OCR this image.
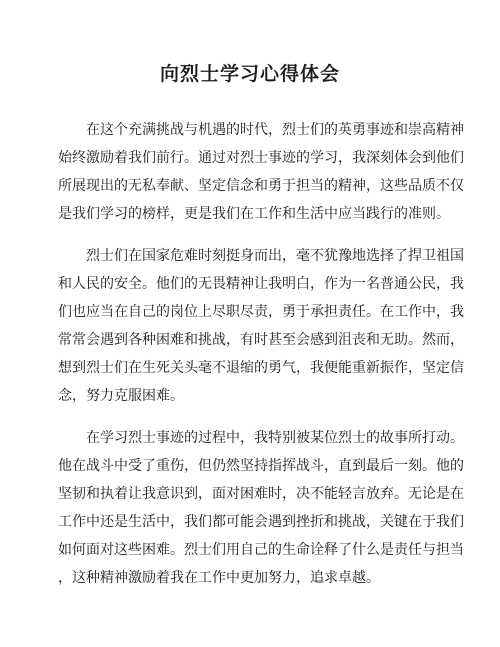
向烈士学习心得体会
在这个充满挑战与机遇的时代，烈士们的英勇事迹和崇高精神
始终激励着我们前行。通过对烈士事迹的学习，我深刻体会到他们
所展现出的无私奉献、坚定信念和勇于担当的精神，这些品质不仅
是我们学习的榜样，更是我们在工作和生活中应当践行的准则。
烈士们在国家危难时刻挺身而出，毫不犹豫地选择了捍卫祖国
和人民的安全。他们的无畏精神让我明白，作为一名普通公民，我
们也应当在自己的岗位上尽职尽责，勇于承担责任。在工作中，我
常常会遇到各种困难和挑战，有时甚至会感到沮丧和无助。然而，
想到烈士们在生死关头毫不退缩的勇气，我便能重新振作，坚定信
念，努力克服困难。
在学习烈士事迹的过程中，我特别被某位烈士的故事所打动。
他在战斗中受了重伤，但仍然坚持指挥战斗，直到最后一刻。他的
坚韧和执着让我意识到，面对困难时，决不能轻言放弃。无论是在
工作中还是生活中，我们都可能会遇到挫折和挑战，关键在于我们
如何面对这些困难。烈士们用自己的生命诠释了什么是责任与担当
，这种精神激励着我在工作中更加努力，追求卓越。
